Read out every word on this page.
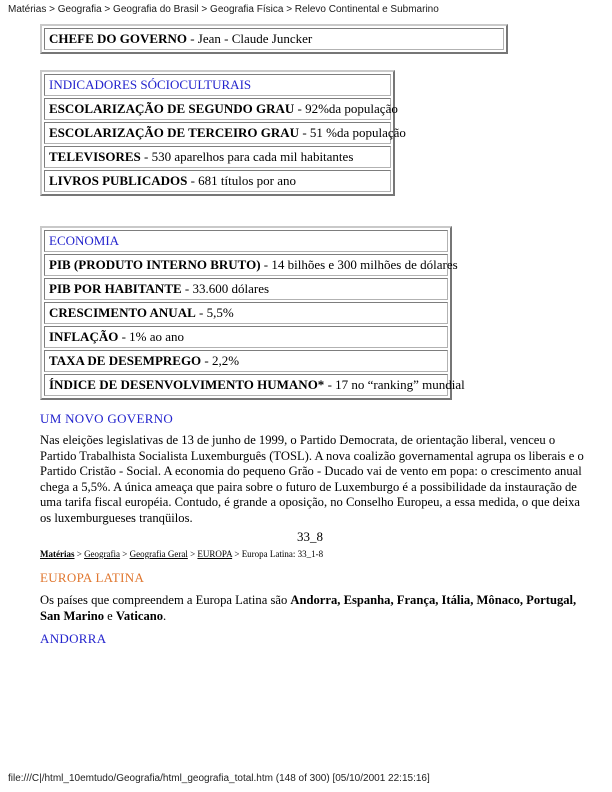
Matérias > Geografia > Geografia do Brasil > Geografia Física > Relevo Continental e Submarino
CHEFE DO GOVERNO - Jean - Claude Juncker
INDICADORES SÓCIOCULTURAIS
ESCOLARIZAÇÃO DE SEGUNDO GRAU - 92%da população
ESCOLARIZAÇÃO DE TERCEIRO GRAU - 51 %da população
TELEVISORES - 530 aparelhos para cada mil habitantes
LIVROS PUBLICADOS - 681 títulos por ano
ECONOMIA
PIB (PRODUTO INTERNO BRUTO) - 14 bilhões e 300 milhões de dólares
PIB POR HABITANTE - 33.600 dólares
CRESCIMENTO ANUAL - 5,5%
INFLAÇÃO - 1% ao ano
TAXA DE DESEMPREGO - 2,2%
ÍNDICE DE DESENVOLVIMENTO HUMANO* - 17 no “ranking” mundial
UM NOVO GOVERNO
Nas eleições legislativas de 13 de junho de 1999, o Partido Democrata, de orientação liberal, venceu o Partido Trabalhista Socialista Luxemburguês (TOSL). A nova coalizão governamental agrupa os liberais e o Partido Cristão - Social. A economia do pequeno Grão - Ducado vai de vento em popa: o crescimento anual chega a 5,5%. A única ameaça que paira sobre o futuro de Luxemburgo é a possibilidade da instauração de uma tarifa fiscal européia. Contudo, é grande a oposição, no Conselho Europeu, a essa medida, o que deixa os luxemburgueses tranqüilos.
33_8
Matérias > Geografia > Geografia Geral > EUROPA > Europa Latina: 33_1-8
EUROPA LATINA
Os países que compreendem a Europa Latina são Andorra, Espanha, França, Itália, Mônaco, Portugal, San Marino e Vaticano.
ANDORRA
file:///C|/html_10emtudo/Geografia/html_geografia_total.htm (148 of 300) [05/10/2001 22:15:16]
